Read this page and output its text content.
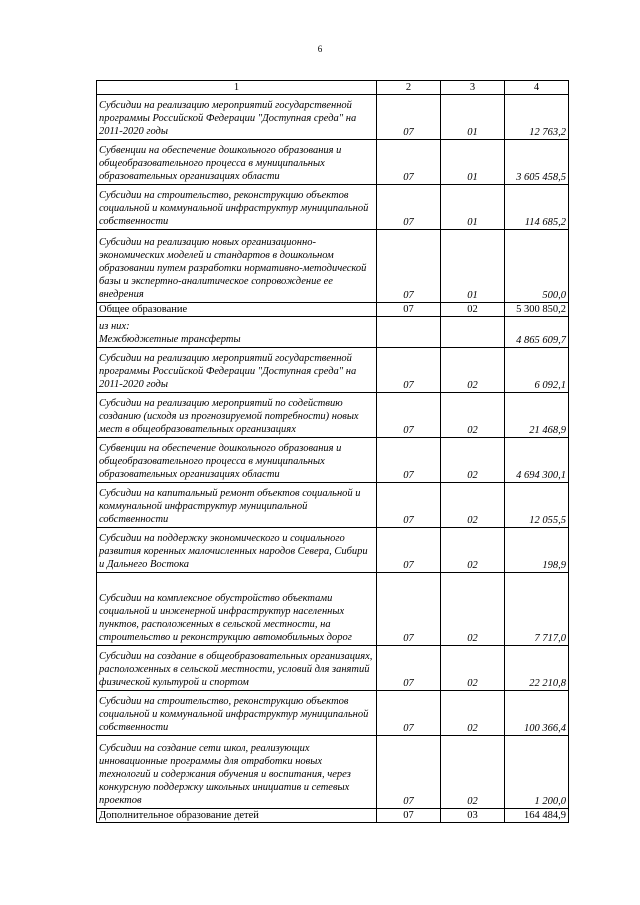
6
1	2	3	4
Субсидии на реализацию мероприятий государственной программы Российской Федерации "Доступная среда" на 2011-2020 годы	07	01	12 763,2
Субвенции на обеспечение дошкольного образования и общеобразовательного процесса в муниципальных образовательных организациях области	07	01	3 605 458,5
Субсидии на строительство, реконструкцию объектов социальной и коммунальной инфраструктур муниципальной собственности	07	01	114 685,2
Субсидии на реализацию новых организационно-экономических моделей и стандартов в дошкольном образовании путем разработки нормативно-методической базы и экспертно-аналитическое сопровождение ее внедрения	07	01	500,0
Общее образование	07	02	5 300 850,2
из них:
Межбюджетные трансферты			4 865 609,7
Субсидии на реализацию мероприятий государственной программы Российской Федерации "Доступная среда" на 2011-2020 годы	07	02	6 092,1
Субсидии на реализацию мероприятий по содействию созданию (исходя из прогнозируемой потребности) новых мест в общеобразовательных организациях	07	02	21 468,9
Субвенции на обеспечение дошкольного образования и общеобразовательного процесса в муниципальных образовательных организациях области	07	02	4 694 300,1
Субсидии на капитальный ремонт объектов социальной и коммунальной инфраструктур муниципальной собственности	07	02	12 055,5
Субсидии на поддержку экономического и социального развития коренных малочисленных народов Севера, Сибири и Дальнего Востока	07	02	198,9
Субсидии на комплексное обустройство объектами социальной и инженерной инфраструктур населенных пунктов, расположенных в сельской местности, на строительство и реконструкцию автомобильных дорог	07	02	7 717,0
Субсидии на создание в общеобразовательных организациях, расположенных в сельской местности, условий для занятий физической культурой и спортом	07	02	22 210,8
Субсидии на строительство, реконструкцию объектов социальной и коммунальной инфраструктур муниципальной собственности	07	02	100 366,4
Субсидии на создание сети школ, реализующих инновационные программы для отработки новых технологий и содержания обучения и воспитания, через конкурсную поддержку школьных инициатив и сетевых проектов	07	02	1 200,0
Дополнительное образование детей	07	03	164 484,9
